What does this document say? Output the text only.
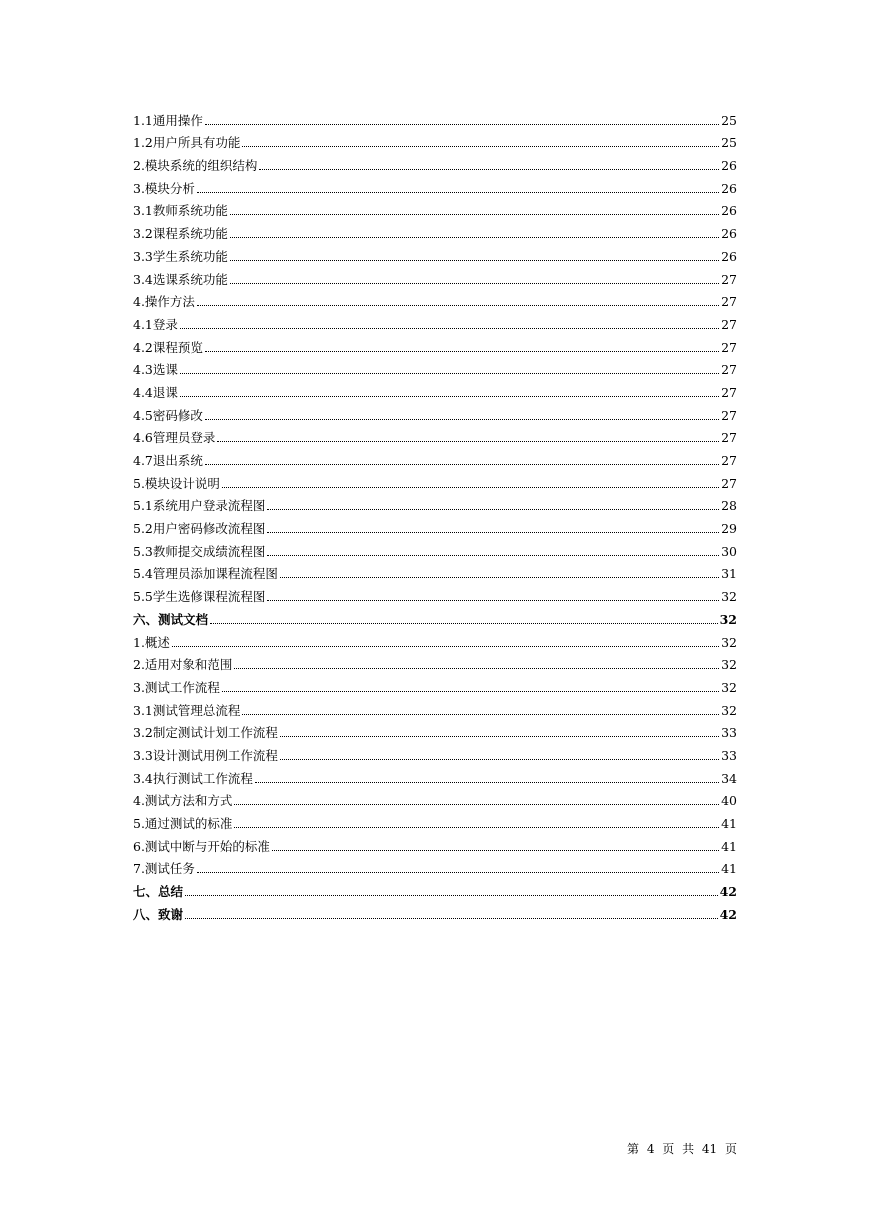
1.1通用操作	25
1.2用户所具有功能	25
2.模块系统的组织结构	26
3.模块分析	26
3.1教师系统功能	26
3.2课程系统功能	26
3.3学生系统功能	26
3.4选课系统功能	27
4.操作方法	27
4.1登录	27
4.2课程预览	27
4.3选课	27
4.4退课	27
4.5密码修改	27
4.6管理员登录	27
4.7退出系统	27
5.模块设计说明	27
5.1系统用户登录流程图	28
5.2用户密码修改流程图	29
5.3教师提交成绩流程图	30
5.4管理员添加课程流程图	31
5.5学生选修课程流程图	32
六、测试文档	32
1.概述	32
2.适用对象和范围	32
3.测试工作流程	32
3.1测试管理总流程	32
3.2制定测试计划工作流程	33
3.3设计测试用例工作流程	33
3.4执行测试工作流程	34
4.测试方法和方式	40
5.通过测试的标准	41
6.测试中断与开始的标准	41
7.测试任务	41
七、总结	42
八、致谢	42
第 4 页 共 41 页
